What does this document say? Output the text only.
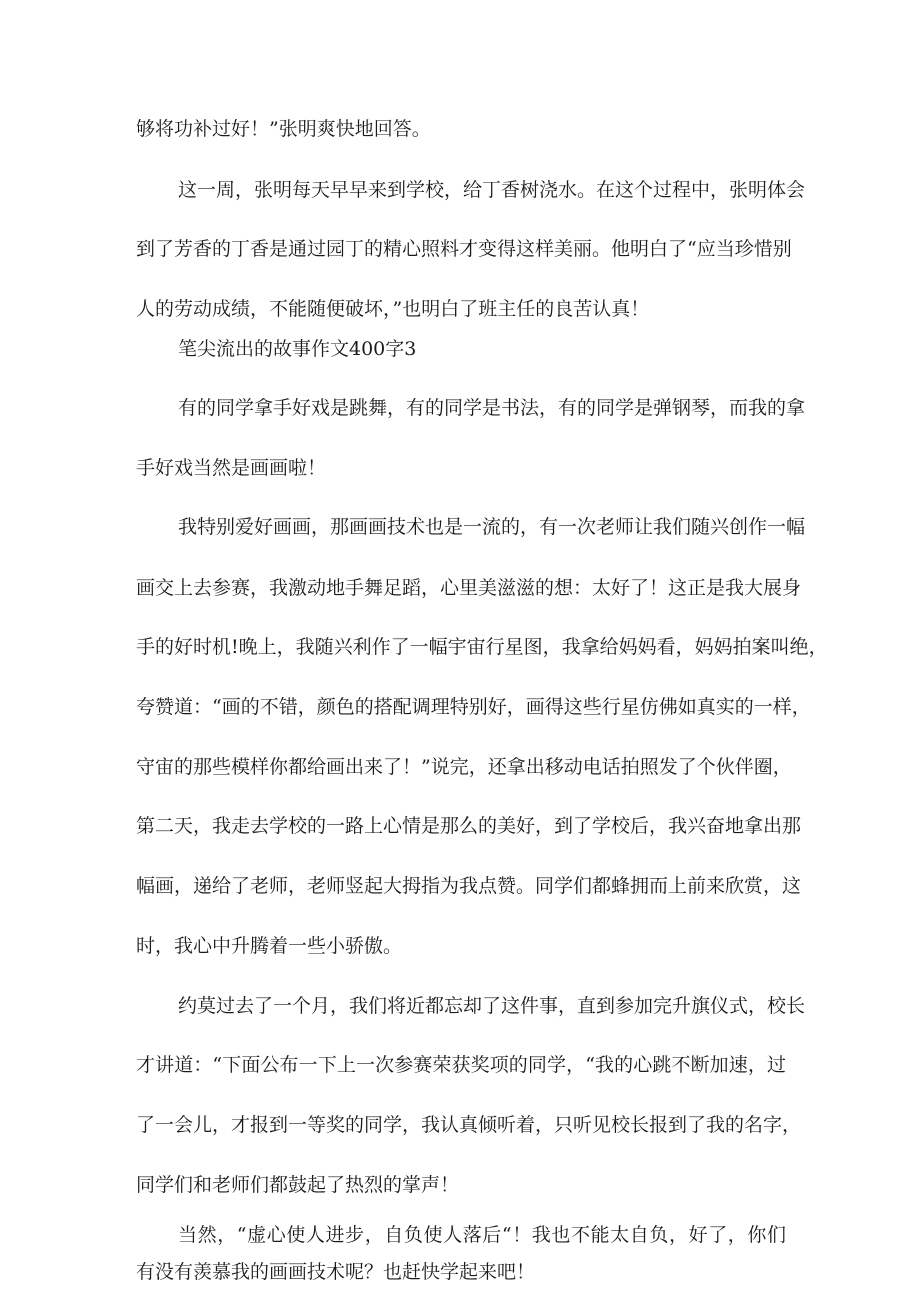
够将功补过好！”张明爽快地回答。
这一周，张明每天早早来到学校，给丁香树浇水。在这个过程中，张明体会
到了芳香的丁香是通过园丁的精心照料才变得这样美丽。他明白了“应当珍惜别
人的劳动成绩，不能随便破坏，”也明白了班主任的良苦认真！
笔尖流出的故事作文400字3
有的同学拿手好戏是跳舞，有的同学是书法，有的同学是弹钢琴，而我的拿
手好戏当然是画画啦！
我特别爱好画画，那画画技术也是一流的，有一次老师让我们随兴创作一幅
画交上去参赛，我激动地手舞足蹈，心里美滋滋的想：太好了！这正是我大展身
手的好时机!晚上，我随兴利作了一幅宇宙行星图，我拿给妈妈看，妈妈拍案叫绝，
夸赞道：“画的不错，颜色的搭配调理特别好，画得这些行星仿佛如真实的一样，
守宙的那些模样你都给画出来了！”说完，还拿出移动电话拍照发了个伙伴圈，
第二天，我走去学校的一路上心情是那么的美好，到了学校后，我兴奋地拿出那
幅画，递给了老师，老师竖起大拇指为我点赞。同学们都蜂拥而上前来欣赏，这
时，我心中升腾着一些小骄傲。
约莫过去了一个月，我们将近都忘却了这件事，直到参加完升旗仪式，校长
才讲道：“下面公布一下上一次参赛荣获奖项的同学，“我的心跳不断加速，过
了一会儿，才报到一等奖的同学，我认真倾听着，只听见校长报到了我的名字，
同学们和老师们都鼓起了热烈的掌声！
当然，“虚心使人进步，自负使人落后“！我也不能太自负，好了，你们
有没有羡慕我的画画技术呢？也赶快学起来吧！
